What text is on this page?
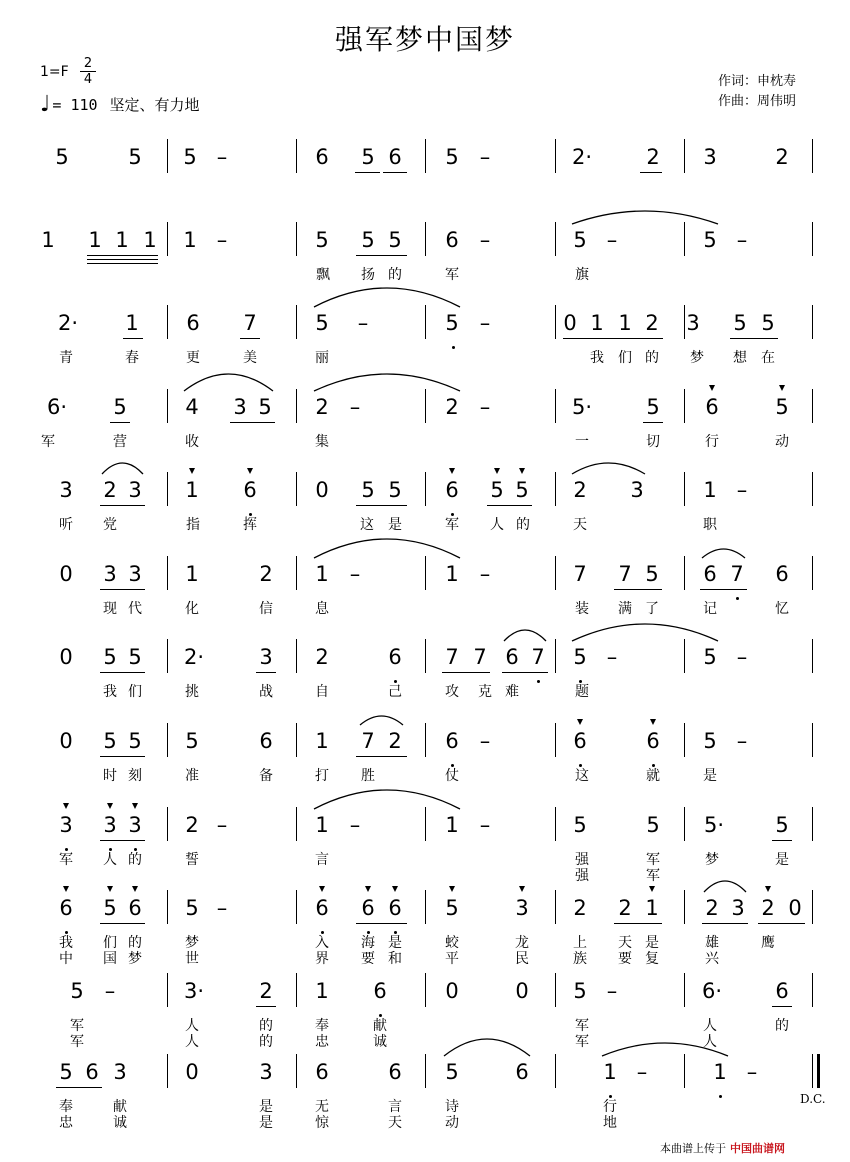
强军梦中国梦
$1=F \frac{2}{4}$
♩ = 110 坚定、有力地
作词：申枕寿
作曲：周伟明
5	5 5 –	6 5 6 5 –	2·	2 3	2
1 1 1 1 1 –	5 5 5 6 –	5 –	5 –
飘 扬 的	军	旗
2· 1 6 7	5 –	5 –	0 1 1 2 3 5 5
青	春	更	美	丽	我 们 的 梦 想 在
6· 5	4 3 5 2 –	2 –	5·	5 6	5
军	营	收	集	一	切	行	动
3 2 3 1 6	0 5 5 6 5 5 2 3	1 –
听 党	指	挥	这 是	军 人 的	天	职
0 3 3 1	2 1 –	1 –	7 7 5 6 7 6
现 代	化	信	息	装 满 了	记	忆
0 5 5 2·	3 2	6 7 7 6 7 5 –	5 –
我 们	挑	战	自	己	攻 克 难	题
0 5 5 5	6 1 7 2 6 –	6	6 5 –
时 刻	准	备	打 胜	仗	这	就	是
3 3 3 2 –	1 –	1 –	5	5 5· 5
军 人 的	誓	言	强	军	梦	是
强	军
6 5 6 5 –	6 6 6 5	3 2 2 1 2 3 2 0
我 们 的	梦	入 海 是	蛟	龙	上 天 是	雄	鹰
中 国 梦	世	界 要 和	平	民	族 要 复	兴
5 –	3·	2 1 6	0	0 5 –	6·	6
军	人	的	奉	献	军	人	的
军	人	的	忠	诚	军	人
5 6 3	0	3 6	6 5	6	1 –	1 –
奉	献	是	无	言	诗	行
忠	诚	是	惊	天	动	地
D.C.
本曲谱上传于 中国曲谱网
